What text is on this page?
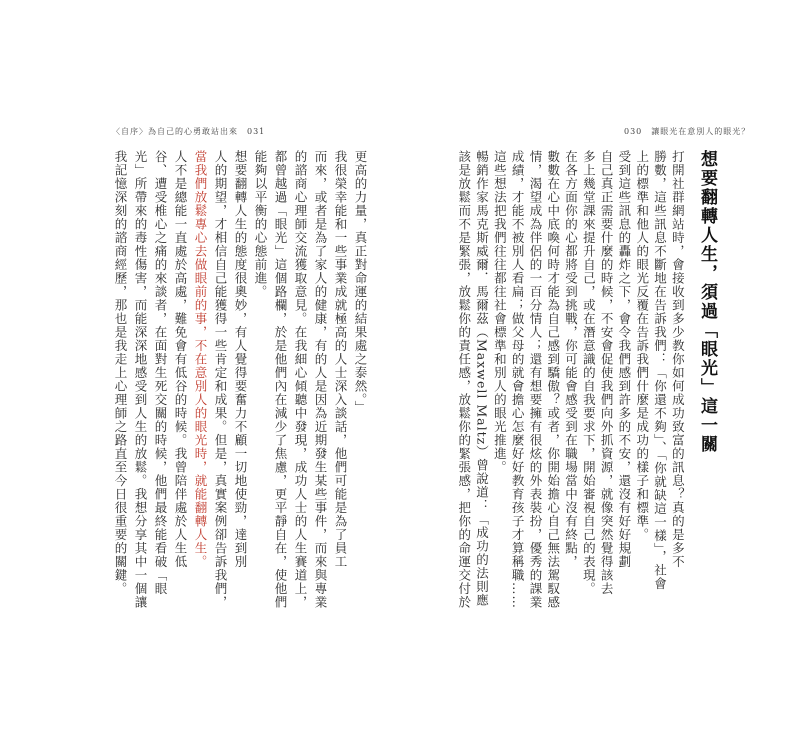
〈自序〉為自己的心勇敢站出來　031	030　讓眼光在意別人的眼光？
想要翻轉人生，須過「眼光」這一關
打開社群網站時，會接收到多少教你如何成功致富的訊息？真的是多不
勝數，這些訊息不斷地在告訴我們：「你還不夠」、「你就缺這一樣」，社會
上的標準和他人的眼光反覆在告訴我們什麼是成功的樣子和標準。
受到這些訊息的轟炸之下，會令我們感到許多的不安，還沒有好好規劃
自己真正需要什麼的時候，不安會促使我們向外抓資源，就像突然覺得該去
多上幾堂課來提升自己，或在潛意識的自我要求下，開始審視自己的表現。
在各方面你的心都將受到挑戰，你可能會感受到在職場當中沒有終點，
數數在心中底喚何時才能為自己感到驕傲？或者，你開始擔心自己無法駕馭感
情，渴望成為伴侶的一百分情人；還有想要擁有很炫的外表裝扮，優秀的課業
成績，才能不被別人看扁；做父母的就會擔心怎麼好好教育孩子才算稱職……
這些想法把我們往往都往社會標準和別人的眼光推進。
暢銷作家馬克斯威爾．馬爾茲（Maxwell Maltz）曾說道：「成功的法則應
該是放鬆而不是緊張，放鬆你的責任感，放鬆你的緊張感，把你的命運交付於
更高的力量，真正對命運的結果處之泰然。」
我很榮幸能和一些事業成就極高的人士深入談話，他們可能是為了員工
而來，或者是為了家人的健康，有的人是因為近期發生某些事件，而來與專業
的諮商心理師交流獲取意見。在我細心傾聽中發現，成功人士的人生賽道上，
都曾越過「眼光」這個路欄，於是他們內在減少了焦慮，更平靜自在，使他們
能夠以平衡的心態前進。
想要翻轉人生的態度很奧妙，有人覺得要奮力不顧一切地使勁，達到別
人的期望，才相信自己能獲得一些肯定和成果。但是，真實案例卻告訴我們，
當我們放鬆專心去做眼前的事，不在意別人的眼光時，就能翻轉人生。
人不是總能一直處於高處，難免會有低谷的時候。我曾陪伴處於人生低
谷、遭受椎心之痛的來談者，在面對生死交關的時候，他們最終能看破「眼
光」所帶來的毒性傷害，而能深深地感受到人生的放鬆。我想分享其中一個讓
我記憶深刻的諮商經歷，那也是我走上心理師之路直至今日很重要的關鍵。
